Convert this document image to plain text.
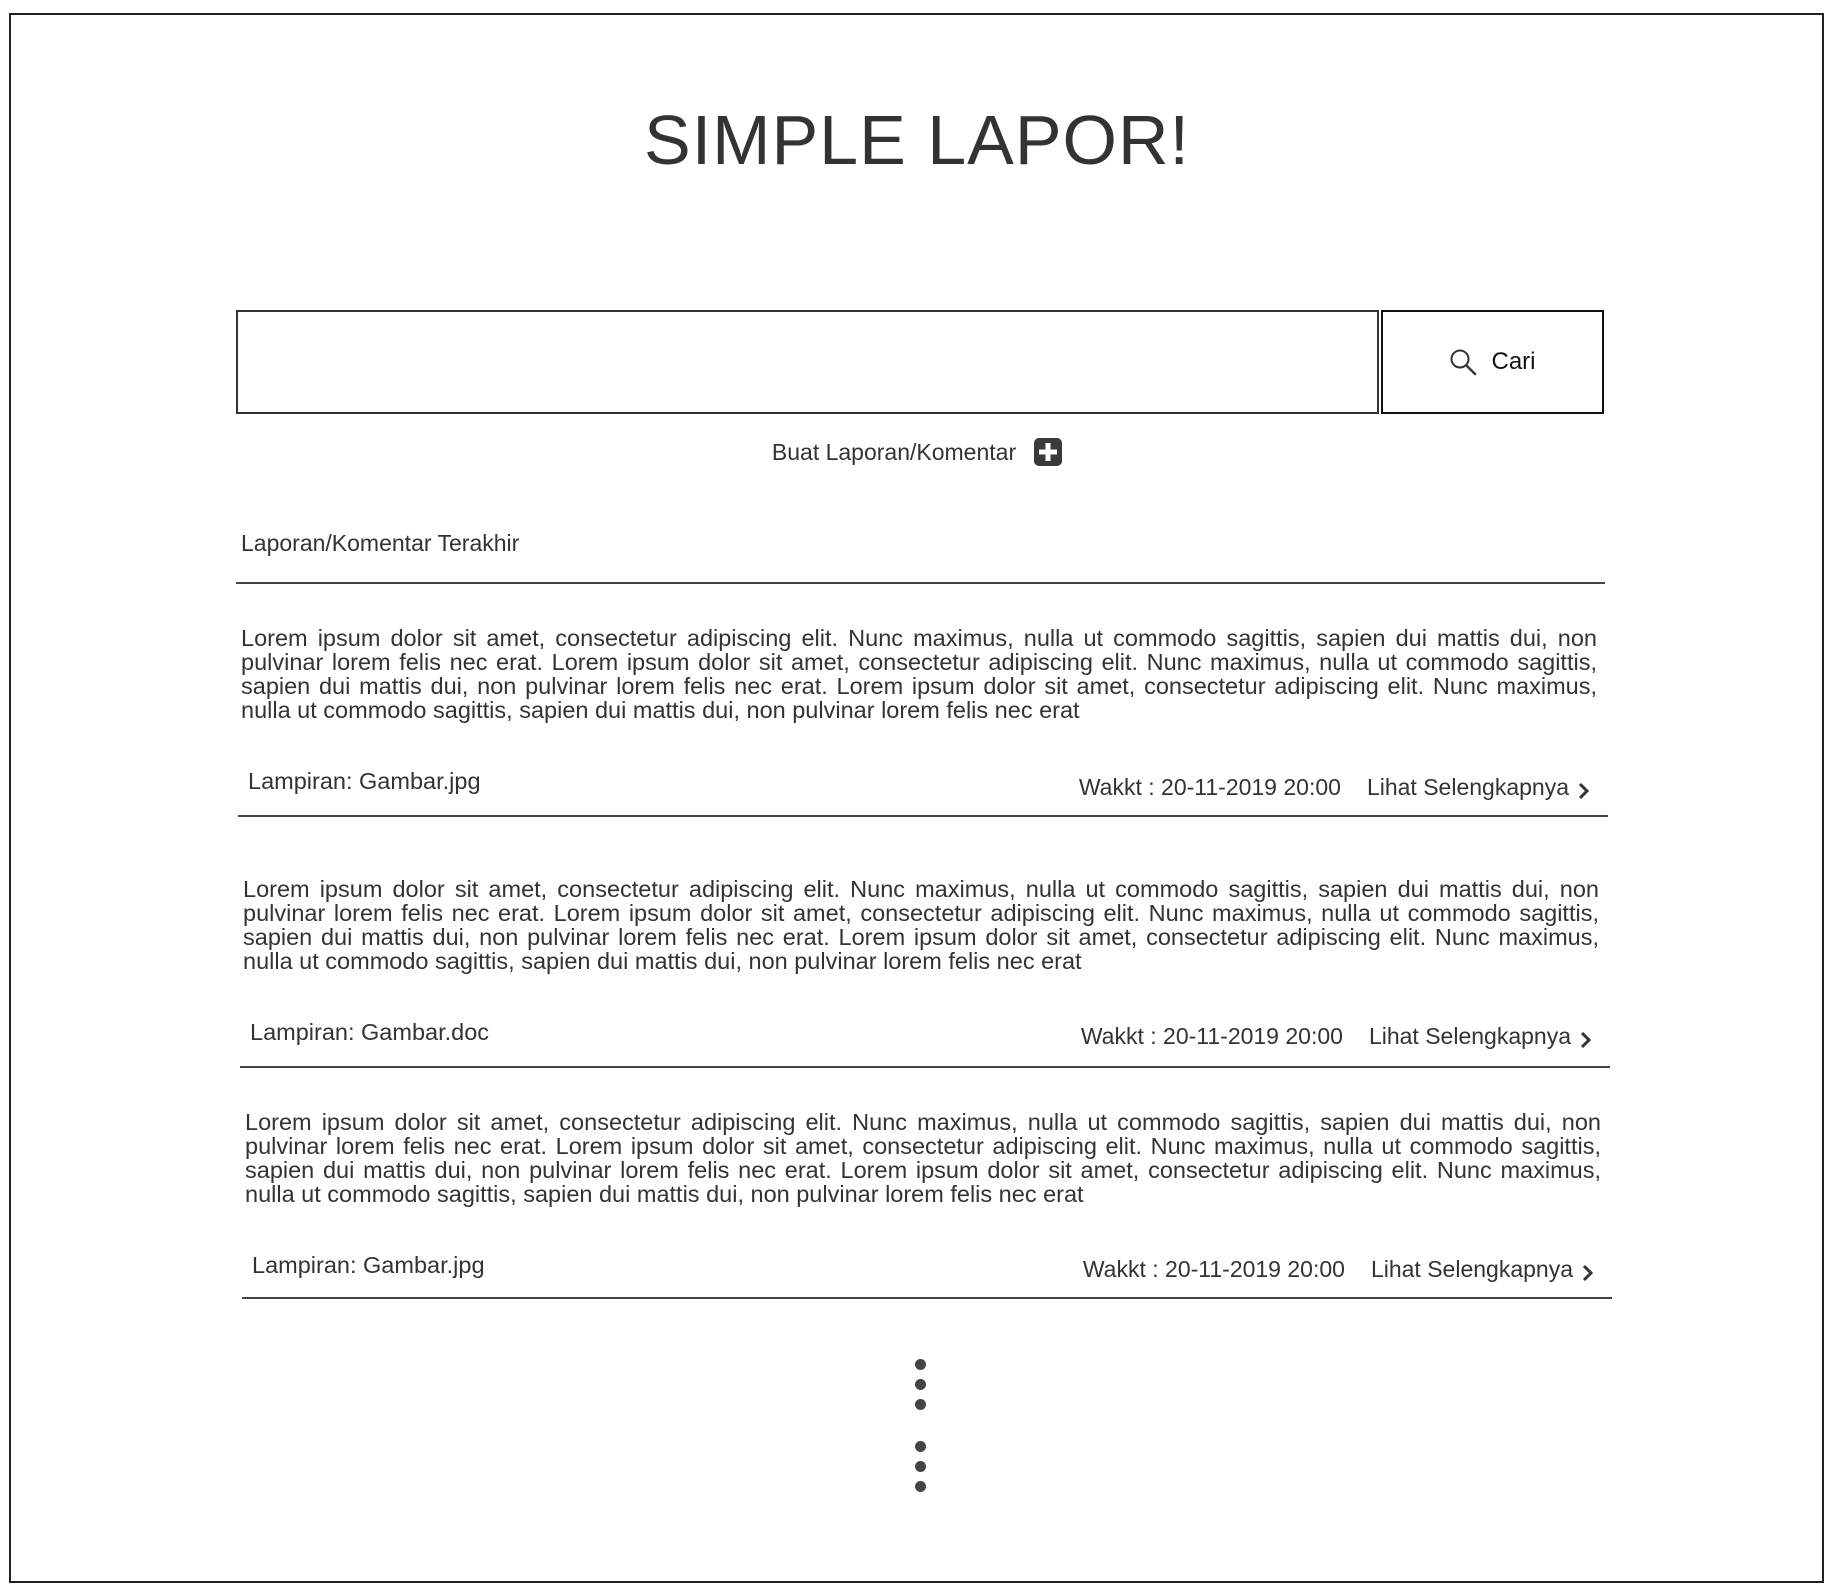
SIMPLE LAPOR!
Cari
Buat Laporan/Komentar
Laporan/Komentar Terakhir
Lorem ipsum dolor sit amet, consectetur adipiscing elit. Nunc maximus, nulla ut commodo sagittis, sapien dui mattis dui, non pulvinar lorem felis nec erat. Lorem ipsum dolor sit amet, consectetur adipiscing elit. Nunc maximus, nulla ut commodo sagittis, sapien dui mattis dui, non pulvinar lorem felis nec erat. Lorem ipsum dolor sit amet, consectetur adipiscing elit. Nunc maximus, nulla ut commodo sagittis, sapien dui mattis dui, non pulvinar lorem felis nec erat
Lampiran: Gambar.jpg	Wakkt : 20-11-2019 20:00 Lihat Selengkapnya
Lorem ipsum dolor sit amet, consectetur adipiscing elit. Nunc maximus, nulla ut commodo sagittis, sapien dui mattis dui, non pulvinar lorem felis nec erat. Lorem ipsum dolor sit amet, consectetur adipiscing elit. Nunc maximus, nulla ut commodo sagittis, sapien dui mattis dui, non pulvinar lorem felis nec erat. Lorem ipsum dolor sit amet, consectetur adipiscing elit. Nunc maximus, nulla ut commodo sagittis, sapien dui mattis dui, non pulvinar lorem felis nec erat
Lampiran: Gambar.doc	Wakkt : 20-11-2019 20:00 Lihat Selengkapnya
Lorem ipsum dolor sit amet, consectetur adipiscing elit. Nunc maximus, nulla ut commodo sagittis, sapien dui mattis dui, non pulvinar lorem felis nec erat. Lorem ipsum dolor sit amet, consectetur adipiscing elit. Nunc maximus, nulla ut commodo sagittis, sapien dui mattis dui, non pulvinar lorem felis nec erat. Lorem ipsum dolor sit amet, consectetur adipiscing elit. Nunc maximus, nulla ut commodo sagittis, sapien dui mattis dui, non pulvinar lorem felis nec erat
Lampiran: Gambar.jpg	Wakkt : 20-11-2019 20:00 Lihat Selengkapnya
